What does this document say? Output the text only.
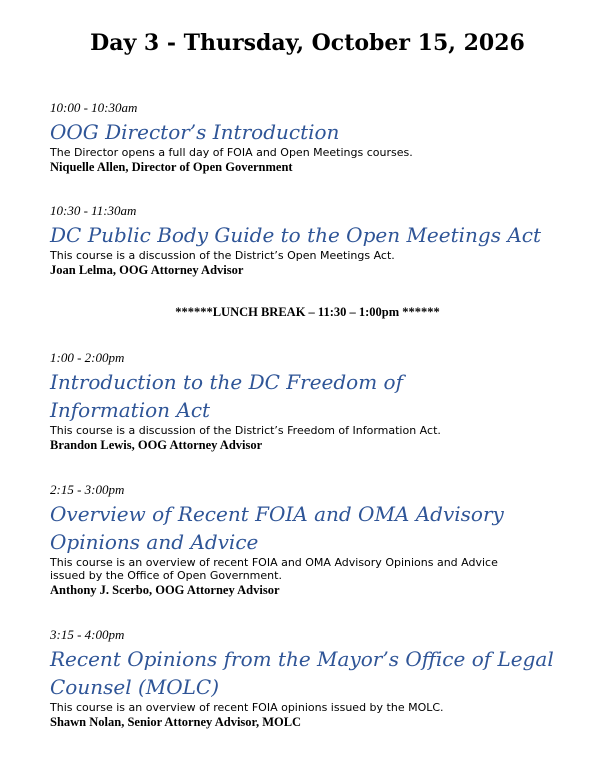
Day 3 - Thursday, October 15, 2026
10:00 - 10:30am
OOG Director’s Introduction
The Director opens a full day of FOIA and Open Meetings courses.
Niquelle Allen, Director of Open Government
10:30 - 11:30am
DC Public Body Guide to the Open Meetings Act
This course is a discussion of the District’s Open Meetings Act.
Joan Lelma, OOG Attorney Advisor
******LUNCH BREAK – 11:30 – 1:00pm ******
1:00 - 2:00pm
Introduction to the DC Freedom of
Information Act
This course is a discussion of the District’s Freedom of Information Act.
Brandon Lewis, OOG Attorney Advisor
2:15 - 3:00pm
Overview of Recent FOIA and OMA Advisory
Opinions and Advice
This course is an overview of recent FOIA and OMA Advisory Opinions and Advice
issued by the Office of Open Government.
Anthony J. Scerbo, OOG Attorney Advisor
3:15 - 4:00pm
Recent Opinions from the Mayor’s Office of Legal
Counsel (MOLC)
This course is an overview of recent FOIA opinions issued by the MOLC.
Shawn Nolan, Senior Attorney Advisor, MOLC
